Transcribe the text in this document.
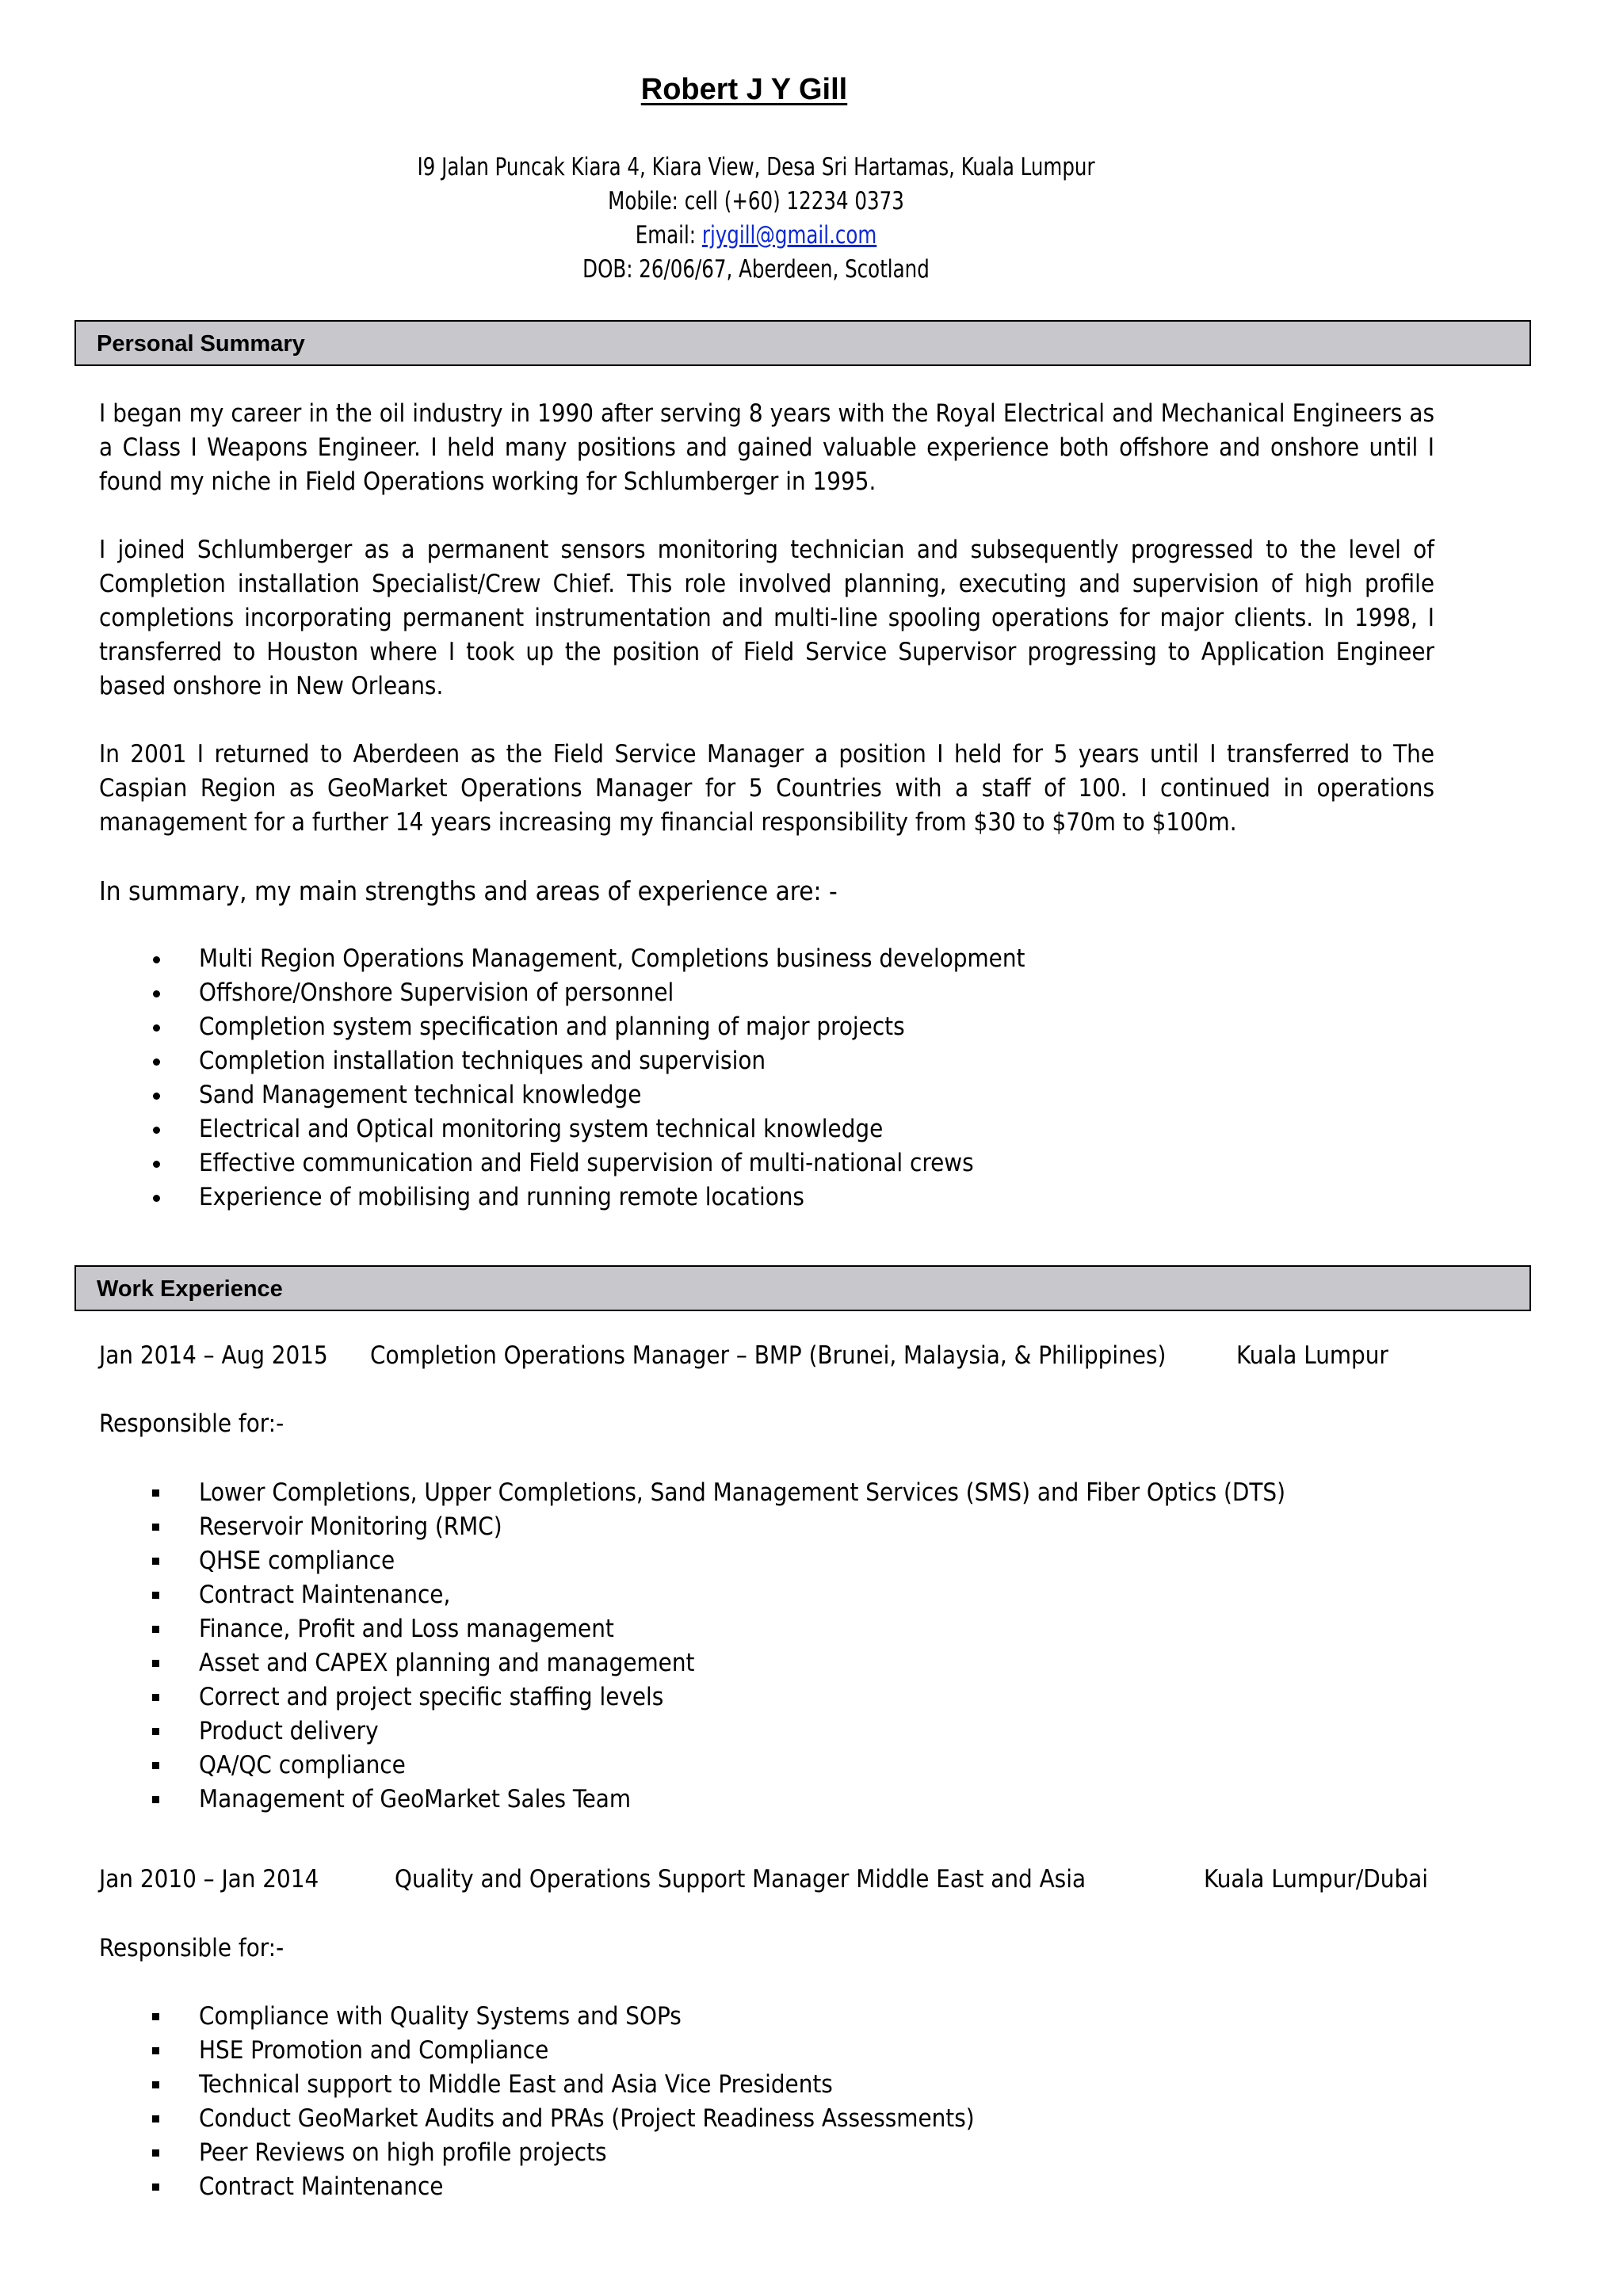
Robert J Y Gill
I9 Jalan Puncak Kiara 4, Kiara View, Desa Sri Hartamas, Kuala Lumpur
Mobile: cell (+60) 12234 0373
Email: rjygill@gmail.com
DOB: 26/06/67, Aberdeen, Scotland
Personal Summary

I began my career in the oil industry in 1990 after serving 8 years with the Royal Electrical and Mechanical Engineers as a Class I Weapons Engineer. I held many positions and gained valuable experience both offshore and onshore until I found my niche in Field Operations working for Schlumberger in 1995.

I joined Schlumberger as a permanent sensors monitoring technician and subsequently progressed to the level of Completion installation Specialist/Crew Chief. This role involved planning, executing and supervision of high profile completions incorporating permanent instrumentation and multi-line spooling operations for major clients. In 1998, I transferred to Houston where I took up the position of Field Service Supervisor progressing to Application Engineer based onshore in New Orleans.

In 2001 I returned to Aberdeen as the Field Service Manager a position I held for 5 years until I transferred to The Caspian Region as GeoMarket Operations Manager for 5 Countries with a staff of 100. I continued in operations management for a further 14 years increasing my financial responsibility from $30 to $70m to $100m.

In summary, my main strengths and areas of experience are: -

Multi Region Operations Management, Completions business development
Offshore/Onshore Supervision of personnel
Completion system specification and planning of major projects
Completion installation techniques and supervision
Sand Management technical knowledge
Electrical and Optical monitoring system technical knowledge
Effective communication and Field supervision of multi-national crews
Experience of mobilising and running remote locations
Work Experience
Jan 2014 – Aug 2015 Completion Operations Manager – BMP (Brunei, Malaysia, & Philippines)	Kuala Lumpur
Responsible for:-
Lower Completions, Upper Completions, Sand Management Services (SMS) and Fiber Optics (DTS)
Reservoir Monitoring (RMC)
QHSE compliance
Contract Maintenance,
Finance, Profit and Loss management
Asset and CAPEX planning and management
Correct and project specific staffing levels
Product delivery
QA/QC compliance
Management of GeoMarket Sales Team
Jan 2010 – Jan 2014	Quality and Operations Support Manager Middle East and Asia	Kuala Lumpur/Dubai
Responsible for:-
Compliance with Quality Systems and SOPs
HSE Promotion and Compliance
Technical support to Middle East and Asia Vice Presidents
Conduct GeoMarket Audits and PRAs (Project Readiness Assessments)
Peer Reviews on high profile projects
Contract Maintenance
